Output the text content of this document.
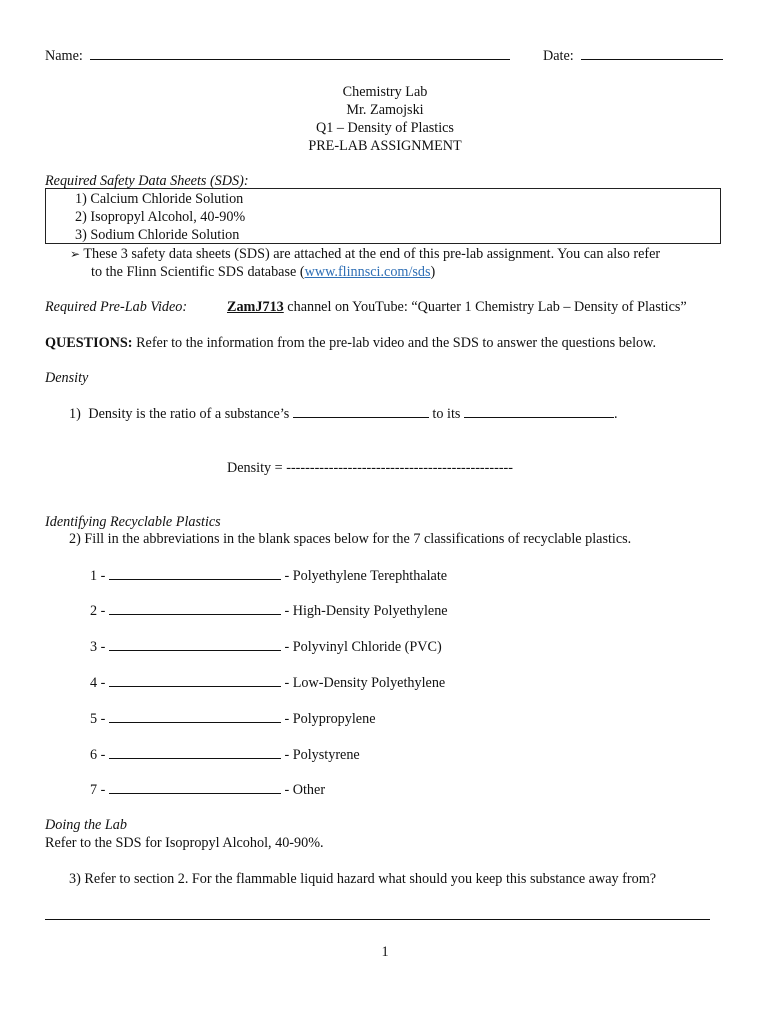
Name:	Date:
Chemistry Lab
Mr. Zamojski
Q1 – Density of Plastics
PRE-LAB ASSIGNMENT
Required Safety Data Sheets (SDS):
1) Calcium Chloride Solution
2) Isopropyl Alcohol, 40-90%
3) Sodium Chloride Solution
➢ These 3 safety data sheets (SDS) are attached at the end of this pre-lab assignment. You can also refer
to the Flinn Scientific SDS database (www.flinnsci.com/sds)
Required Pre-Lab Video:	ZamJ713 channel on YouTube: “Quarter 1 Chemistry Lab – Density of Plastics”
QUESTIONS: Refer to the information from the pre-lab video and the SDS to answer the questions below.
Density
1) Density is the ratio of a substance’s	to its	.
Density = ------------------------------------------------
Identifying Recyclable Plastics
2) Fill in the abbreviations in the blank spaces below for the 7 classifications of recyclable plastics.
1 -	- Polyethylene Terephthalate
2 -	- High-Density Polyethylene
3 -	- Polyvinyl Chloride (PVC)
4 -	- Low-Density Polyethylene
5 -	- Polypropylene
6 -	- Polystyrene
7 -	- Other
Doing the Lab
Refer to the SDS for Isopropyl Alcohol, 40-90%.
3) Refer to section 2. For the flammable liquid hazard what should you keep this substance away from?
1
